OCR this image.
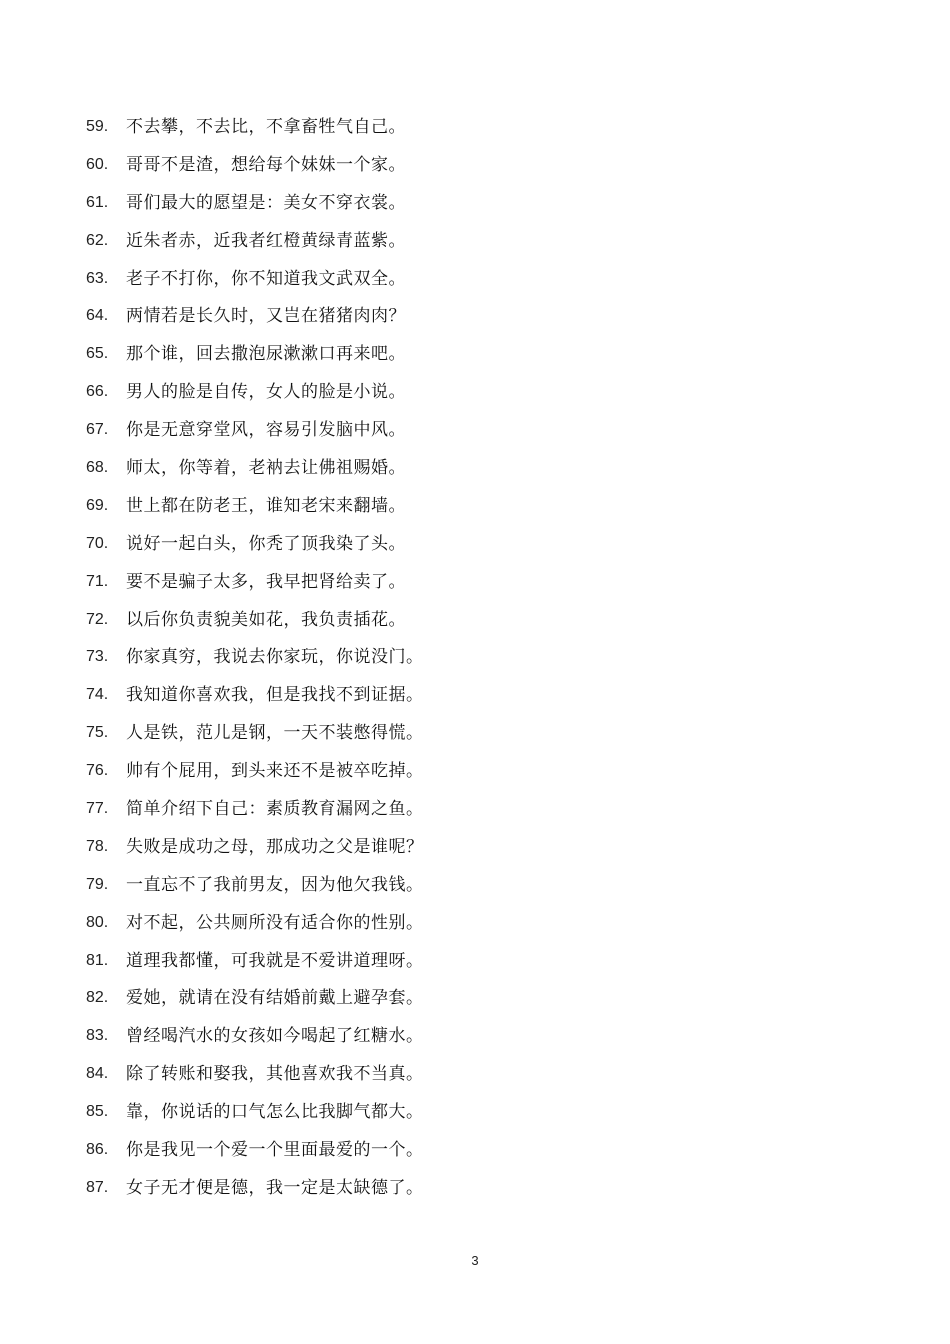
59.	不去攀，不去比，不拿畜牲气自己。
60.	哥哥不是渣，想给每个妹妹一个家。
61.	哥们最大的愿望是：美女不穿衣裳。
62.	近朱者赤，近我者红橙黄绿青蓝紫。
63.	老子不打你，你不知道我文武双全。
64.	两情若是长久时，又岂在猪猪肉肉？
65.	那个谁，回去撒泡尿漱漱口再来吧。
66.	男人的脸是自传，女人的脸是小说。
67.	你是无意穿堂风，容易引发脑中风。
68.	师太，你等着，老衲去让佛祖赐婚。
69.	世上都在防老王，谁知老宋来翻墙。
70.	说好一起白头，你秃了顶我染了头。
71.	要不是骗子太多，我早把肾给卖了。
72.	以后你负责貌美如花，我负责插花。
73.	你家真穷，我说去你家玩，你说没门。
74.	我知道你喜欢我，但是我找不到证据。
75.	人是铁，范儿是钢，一天不装憋得慌。
76.	帅有个屁用，到头来还不是被卒吃掉。
77.	简单介绍下自己：素质教育漏网之鱼。
78.	失败是成功之母，那成功之父是谁呢？
79.	一直忘不了我前男友，因为他欠我钱。
80.	对不起，公共厕所没有适合你的性别。
81.	道理我都懂，可我就是不爱讲道理呀。
82.	爱她，就请在没有结婚前戴上避孕套。
83.	曾经喝汽水的女孩如今喝起了红糖水。
84.	除了转账和娶我，其他喜欢我不当真。
85.	靠，你说话的口气怎么比我脚气都大。
86.	你是我见一个爱一个里面最爱的一个。
87.	女子无才便是德，我一定是太缺德了。
3
